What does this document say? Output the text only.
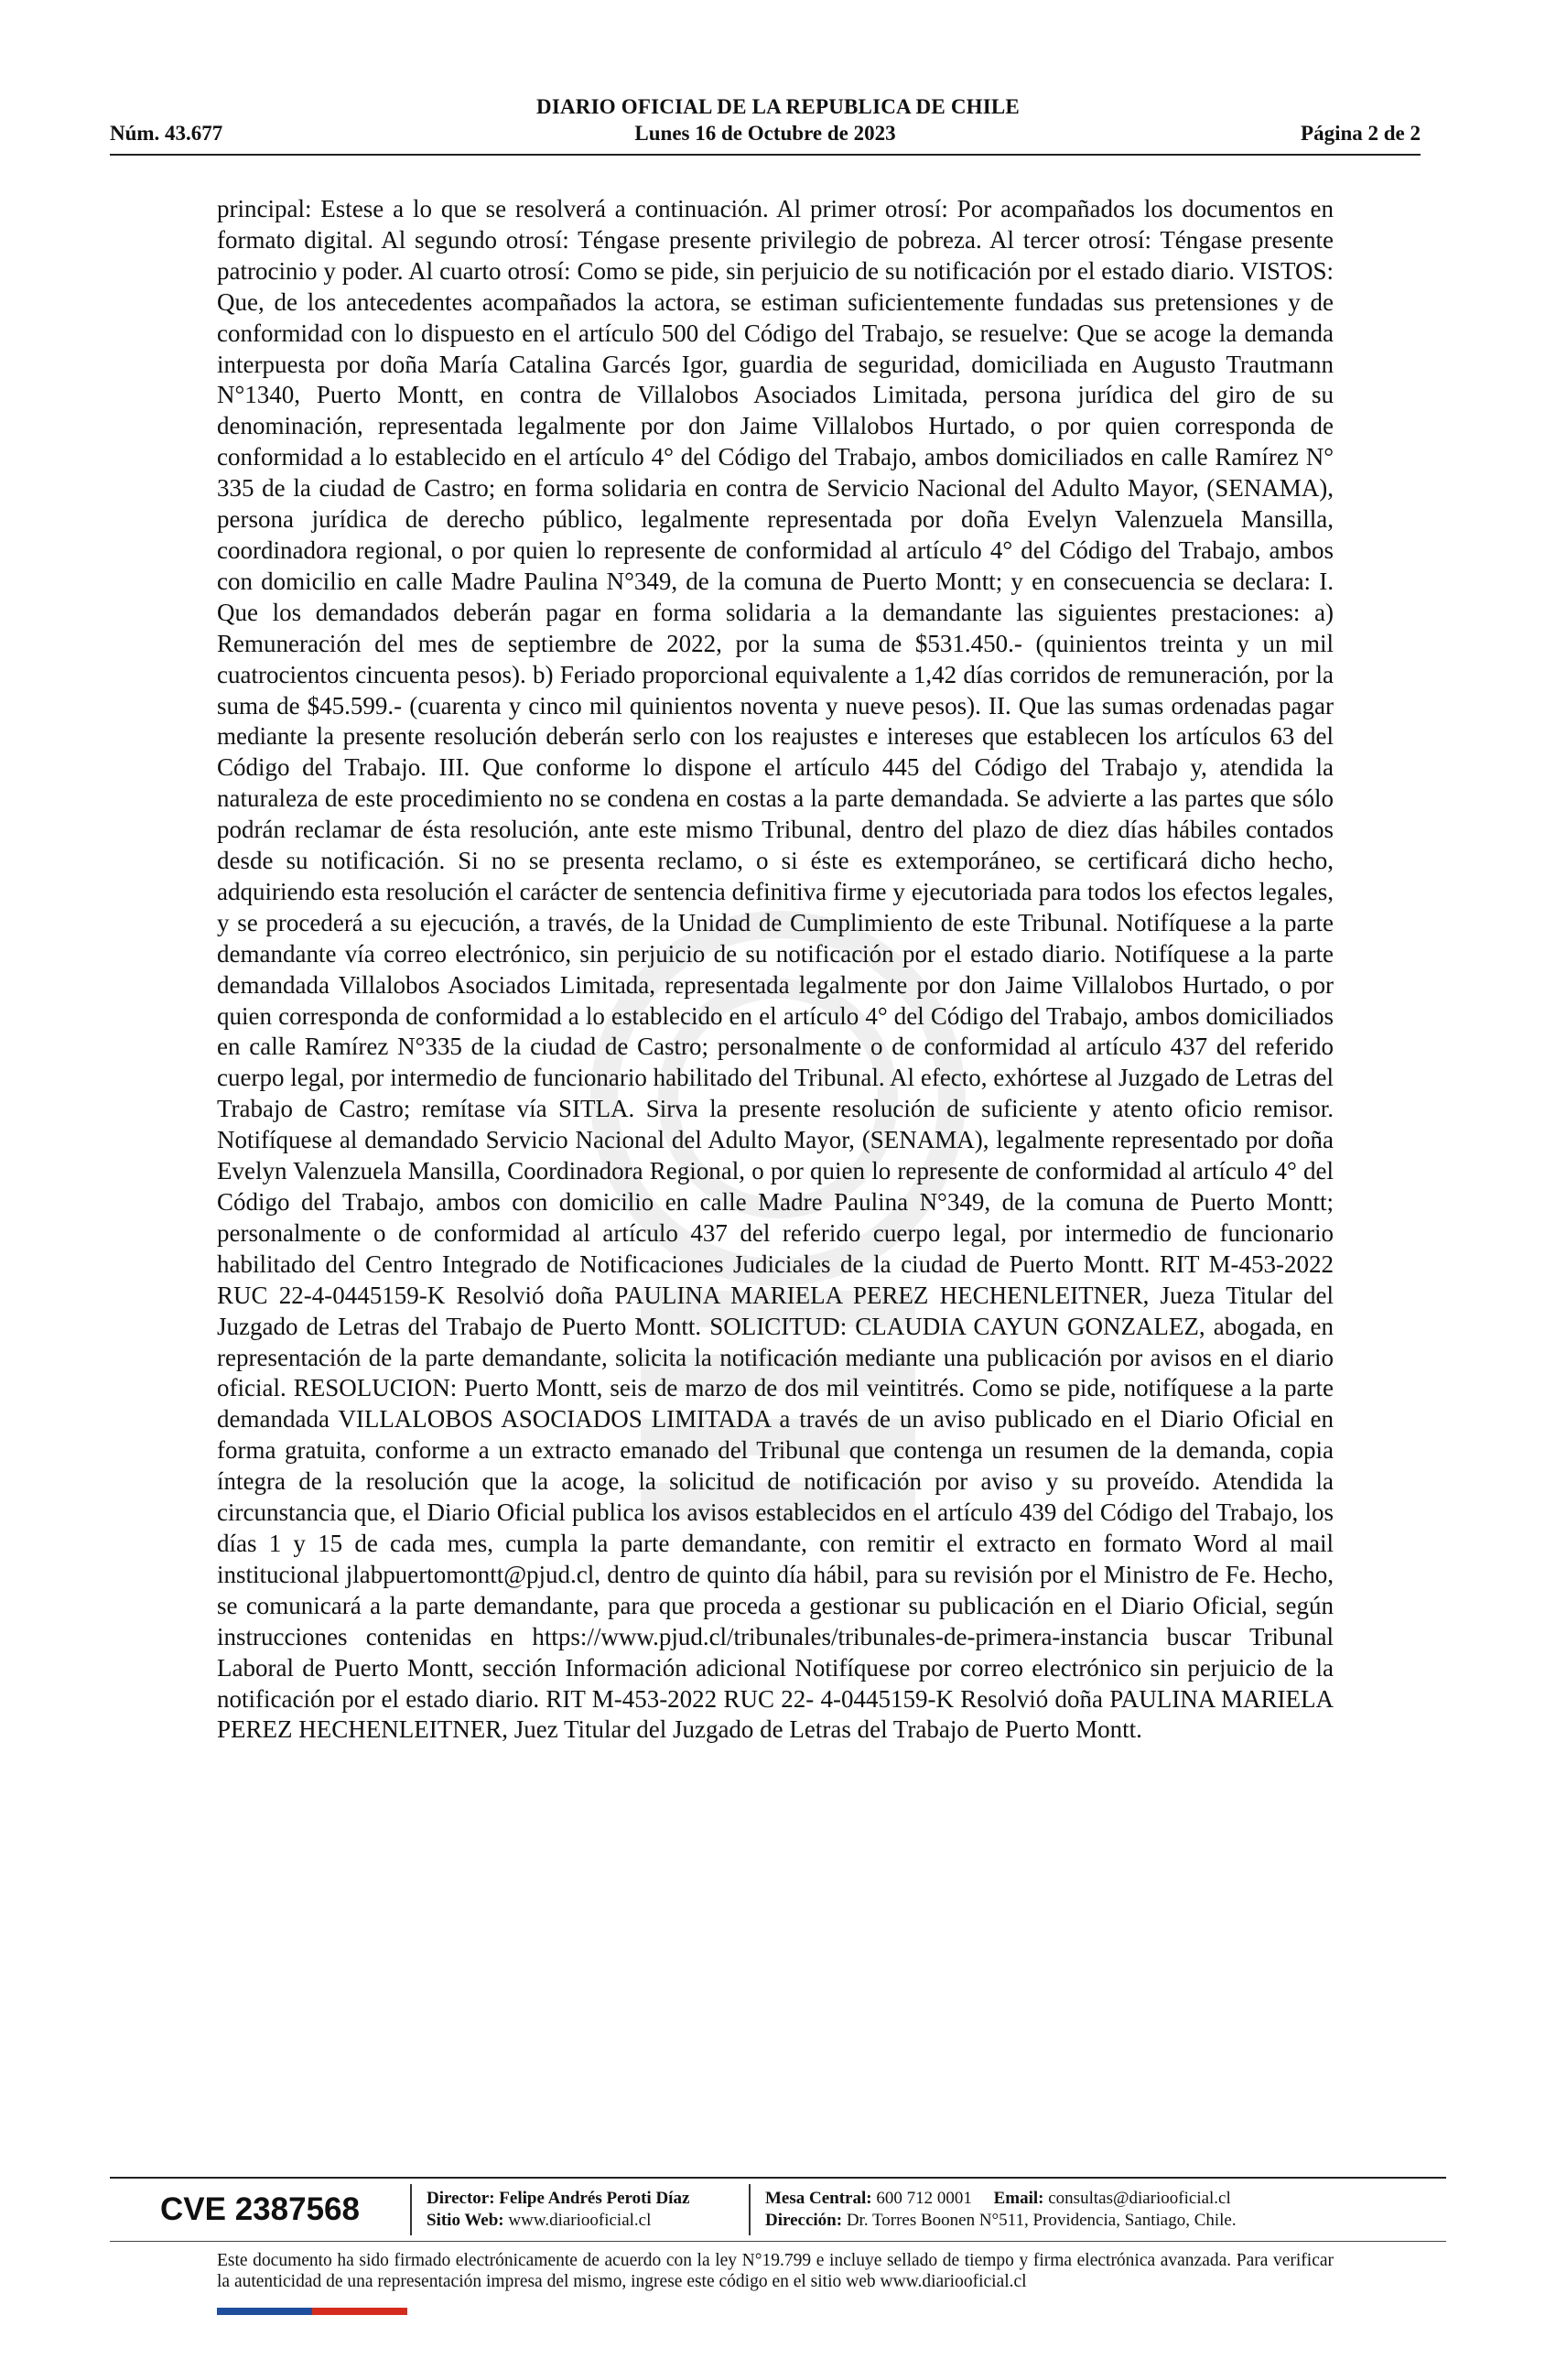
DIARIO OFICIAL DE LA REPUBLICA DE CHILE
Núm. 43.677	Lunes 16 de Octubre de 2023	Página 2 de 2

principal: Estese a lo que se resolverá a continuación. Al primer otrosí: Por acompañados los documentos en formato digital. Al segundo otrosí: Téngase presente privilegio de pobreza. Al tercer otrosí: Téngase presente patrocinio y poder. Al cuarto otrosí: Como se pide, sin perjuicio de su notificación por el estado diario. VISTOS: Que, de los antecedentes acompañados la actora, se estiman suficientemente fundadas sus pretensiones y de conformidad con lo dispuesto en el artículo 500 del Código del Trabajo, se resuelve: Que se acoge la demanda interpuesta por doña María Catalina Garcés Igor, guardia de seguridad, domiciliada en Augusto Trautmann N°1340, Puerto Montt, en contra de Villalobos Asociados Limitada, persona jurídica del giro de su denominación, representada legalmente por don Jaime Villalobos Hurtado, o por quien corresponda de conformidad a lo establecido en el artículo 4° del Código del Trabajo, ambos domiciliados en calle Ramírez N° 335 de la ciudad de Castro; en forma solidaria en contra de Servicio Nacional del Adulto Mayor, (SENAMA), persona jurídica de derecho público, legalmente representada por doña Evelyn Valenzuela Mansilla, coordinadora regional, o por quien lo represente de conformidad al artículo 4° del Código del Trabajo, ambos con domicilio en calle Madre Paulina N°349, de la comuna de Puerto Montt; y en consecuencia se declara: I. Que los demandados deberán pagar en forma solidaria a la demandante las siguientes prestaciones: a) Remuneración del mes de septiembre de 2022, por la suma de $531.450.- (quinientos treinta y un mil cuatrocientos cincuenta pesos). b) Feriado proporcional equivalente a 1,42 días corridos de remuneración, por la suma de $45.599.- (cuarenta y cinco mil quinientos noventa y nueve pesos). II. Que las sumas ordenadas pagar mediante la presente resolución deberán serlo con los reajustes e intereses que establecen los artículos 63 del Código del Trabajo. III. Que conforme lo dispone el artículo 445 del Código del Trabajo y, atendida la naturaleza de este procedimiento no se condena en costas a la parte demandada. Se advierte a las partes que sólo podrán reclamar de ésta resolución, ante este mismo Tribunal, dentro del plazo de diez días hábiles contados desde su notificación. Si no se presenta reclamo, o si éste es extemporáneo, se certificará dicho hecho, adquiriendo esta resolución el carácter de sentencia definitiva firme y ejecutoriada para todos los efectos legales, y se procederá a su ejecución, a través, de la Unidad de Cumplimiento de este Tribunal. Notifíquese a la parte demandante vía correo electrónico, sin perjuicio de su notificación por el estado diario. Notifíquese a la parte demandada Villalobos Asociados Limitada, representada legalmente por don Jaime Villalobos Hurtado, o por quien corresponda de conformidad a lo establecido en el artículo 4° del Código del Trabajo, ambos domiciliados en calle Ramírez N°335 de la ciudad de Castro; personalmente o de conformidad al artículo 437 del referido cuerpo legal, por intermedio de funcionario habilitado del Tribunal. Al efecto, exhórtese al Juzgado de Letras del Trabajo de Castro; remítase vía SITLA. Sirva la presente resolución de suficiente y atento oficio remisor. Notifíquese al demandado Servicio Nacional del Adulto Mayor, (SENAMA), legalmente representado por doña Evelyn Valenzuela Mansilla, Coordinadora Regional, o por quien lo represente de conformidad al artículo 4° del Código del Trabajo, ambos con domicilio en calle Madre Paulina N°349, de la comuna de Puerto Montt; personalmente o de conformidad al artículo 437 del referido cuerpo legal, por intermedio de funcionario habilitado del Centro Integrado de Notificaciones Judiciales de la ciudad de Puerto Montt. RIT M-453-2022 RUC 22-4-0445159-K Resolvió doña PAULINA MARIELA PEREZ HECHENLEITNER, Jueza Titular del Juzgado de Letras del Trabajo de Puerto Montt. SOLICITUD: CLAUDIA CAYUN GONZALEZ, abogada, en representación de la parte demandante, solicita la notificación mediante una publicación por avisos en el diario oficial. RESOLUCION: Puerto Montt, seis de marzo de dos mil veintitrés. Como se pide, notifíquese a la parte demandada VILLALOBOS ASOCIADOS LIMITADA a través de un aviso publicado en el Diario Oficial en forma gratuita, conforme a un extracto emanado del Tribunal que contenga un resumen de la demanda, copia íntegra de la resolución que la acoge, la solicitud de notificación por aviso y su proveído. Atendida la circunstancia que, el Diario Oficial publica los avisos establecidos en el artículo 439 del Código del Trabajo, los días 1 y 15 de cada mes, cumpla la parte demandante, con remitir el extracto en formato Word al mail institucional jlabpuertomontt@pjud.cl, dentro de quinto día hábil, para su revisión por el Ministro de Fe. Hecho, se comunicará a la parte demandante, para que proceda a gestionar su publicación en el Diario Oficial, según instrucciones contenidas en https://www.pjud.cl/tribunales/tribunales-de-primera-instancia buscar Tribunal Laboral de Puerto Montt, sección Información adicional Notifíquese por correo electrónico sin perjuicio de la notificación por el estado diario. RIT M-453-2022 RUC 22- 4-0445159-K Resolvió doña PAULINA MARIELA PEREZ HECHENLEITNER, Juez Titular del Juzgado de Letras del Trabajo de Puerto Montt.

CVE 2387568	Director: Felipe Andrés Peroti Díaz
Sitio Web: www.diariooficial.cl
Mesa Central: 600 712 0001 Email: consultas@diariooficial.cl
Dirección: Dr. Torres Boonen N°511, Providencia, Santiago, Chile.
Este documento ha sido firmado electrónicamente de acuerdo con la ley N°19.799 e incluye sellado de tiempo y firma electrónica avanzada. Para verificar la autenticidad de una representación impresa del mismo, ingrese este código en el sitio web www.diariooficial.cl
